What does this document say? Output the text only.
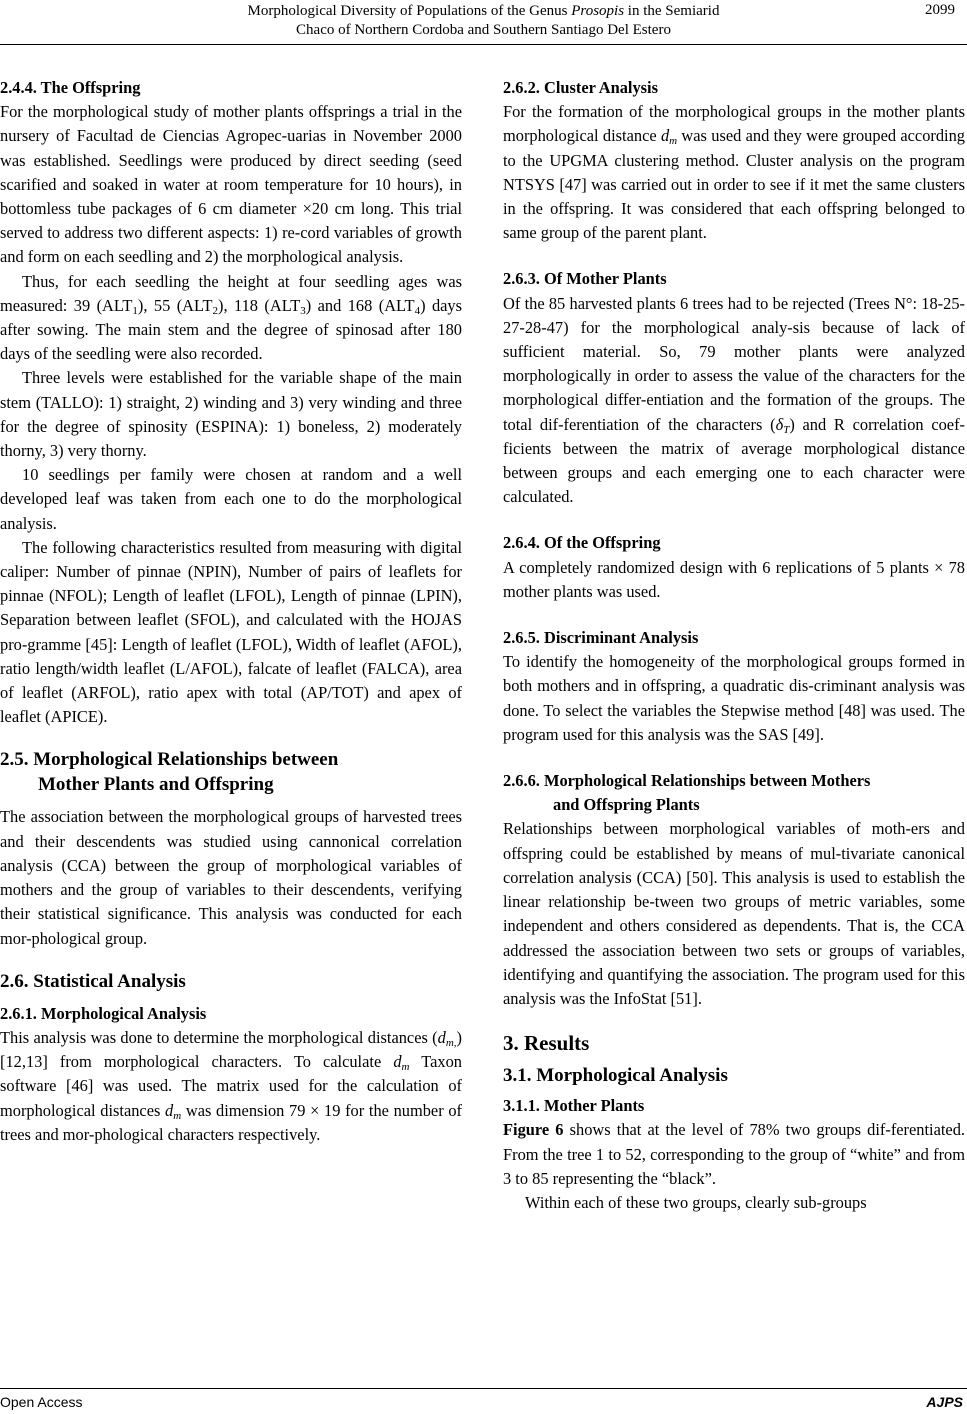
Morphological Diversity of Populations of the Genus Prosopis in the Semiarid
Chaco of Northern Cordoba and Southern Santiago Del Estero
2099

2.4.4. The Offspring

For the morphological study of mother plants offsprings a trial in the nursery of Facultad de Ciencias Agropec-uarias in November 2000 was established. Seedlings were produced by direct seeding (seed scarified and soaked in water at room temperature for 10 hours), in bottomless tube packages of 6 cm diameter ×20 cm long. This trial served to address two different aspects: 1) re-cord variables of growth and form on each seedling and 2) the morphological analysis.

Thus, for each seedling the height at four seedling ages was measured: 39 $(ALT_1)$, 55 $(ALT_2)$, 118 $(ALT_3)$ and 168 $(ALT_4)$ days after sowing. The main stem and the degree of spinosad after 180 days of the seedling were also recorded.

Three levels were established for the variable shape of the main stem (TALLO): 1) straight, 2) winding and 3) very winding and three for the degree of spinosity (ESPINA): 1) boneless, 2) moderately thorny, 3) very thorny.

10 seedlings per family were chosen at random and a well developed leaf was taken from each one to do the morphological analysis.

The following characteristics resulted from measuring with digital caliper: Number of pinnae (NPIN), Number of pairs of leaflets for pinnae (NFOL); Length of leaflet (LFOL), Length of pinnae (LPIN), Separation between leaflet (SFOL), and calculated with the HOJAS pro-gramme [45]: Length of leaflet (LFOL), Width of leaflet (AFOL), ratio length/width leaflet (L/AFOL), falcate of leaflet (FALCA), area of leaflet (ARFOL), ratio apex with total (AP/TOT) and apex of leaflet (APICE).

2.5. Morphological Relationships between
Mother Plants and Offspring

The association between the morphological groups of harvested trees and their descendents was studied using cannonical correlation analysis (CCA) between the group of morphological variables of mothers and the group of variables to their descendents, verifying their statistical significance. This analysis was conducted for each mor-phological group.

2.6. Statistical Analysis

2.6.1. Morphological Analysis

This analysis was done to determine the morphological distances $(d_{m,})$ [12,13] from morphological characters. To calculate $d_m$ Taxon software [46] was used. The matrix used for the calculation of morphological distances $d_m$ was dimension 79 × 19 for the number of trees and mor-phological characters respectively.

2.6.2. Cluster Analysis

For the formation of the morphological groups in the mother plants morphological distance $d_m$ was used and they were grouped according to the UPGMA clustering method. Cluster analysis on the program NTSYS [47] was carried out in order to see if it met the same clusters in the offspring. It was considered that each offspring belonged to same group of the parent plant.

2.6.3. Of Mother Plants

Of the 85 harvested plants 6 trees had to be rejected (Trees N°: 18-25-27-28-47) for the morphological analy-sis because of lack of sufficient material. So, 79 mother plants were analyzed morphologically in order to assess the value of the characters for the morphological differ-entiation and the formation of the groups. The total dif-ferentiation of the characters $(\delta_T)$ and R correlation coef-ficients between the matrix of average morphological distance between groups and each emerging one to each character were calculated.

2.6.4. Of the Offspring

A completely randomized design with 6 replications of 5 plants × 78 mother plants was used.

2.6.5. Discriminant Analysis

To identify the homogeneity of the morphological groups formed in both mothers and in offspring, a quadratic dis-criminant analysis was done. To select the variables the Stepwise method [48] was used. The program used for this analysis was the SAS [49].

2.6.6. Morphological Relationships between Mothers
and Offspring Plants

Relationships between morphological variables of moth-ers and offspring could be established by means of mul-tivariate canonical correlation analysis (CCA) [50]. This analysis is used to establish the linear relationship be-tween two groups of metric variables, some independent and others considered as dependents. That is, the CCA addressed the association between two sets or groups of variables, identifying and quantifying the association. The program used for this analysis was the InfoStat [51].

3. Results

3.1. Morphological Analysis

3.1.1. Mother Plants

Figure 6 shows that at the level of 78% two groups dif-ferentiated. From the tree 1 to 52, corresponding to the group of “white” and from 3 to 85 representing the “black”.

Within each of these two groups, clearly sub-groups

Open Access	AJPS
